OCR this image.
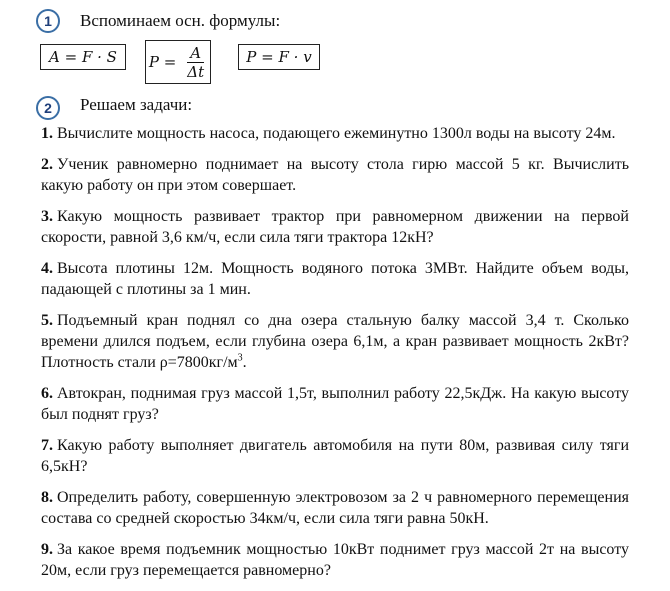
1	Вспоминаем осн. формулы:
A = F · S	$P = \frac{A}{\Delta t}$	P = F · v
2	Решаем задачи:

1. Вычислите мощность насоса, подающего ежеминутно 1300л воды на высоту 24м.

2. Ученик равномерно поднимает на высоту стола гирю массой 5 кг. Вычислить какую работу он при этом совершает.

3. Какую мощность развивает трактор при равномерном движении на первой скорости, равной 3,6 км/ч, если сила тяги трактора 12кН?

4. Высота плотины 12м. Мощность водяного потока 3МВт. Найдите объем воды, падающей с плотины за 1 мин.

5. Подъемный кран поднял со дна озера стальную балку массой 3,4 т. Сколько времени длился подъем, если глубина озера 6,1м, а кран развивает мощность 2кВт? Плотность стали $\rho=7800кг/м^3$.

6. Автокран, поднимая груз массой 1,5т, выполнил работу 22,5кДж. На какую высоту был поднят груз?

7. Какую работу выполняет двигатель автомобиля на пути 80м, развивая силу тяги 6,5кН?

8. Определить работу, совершенную электровозом за 2 ч равномерного перемещения состава со средней скоростью 34км/ч, если сила тяги равна 50кН.

9. За какое время подъемник мощностью 10кВт поднимет груз массой 2т на высоту 20м, если груз перемещается равномерно?
